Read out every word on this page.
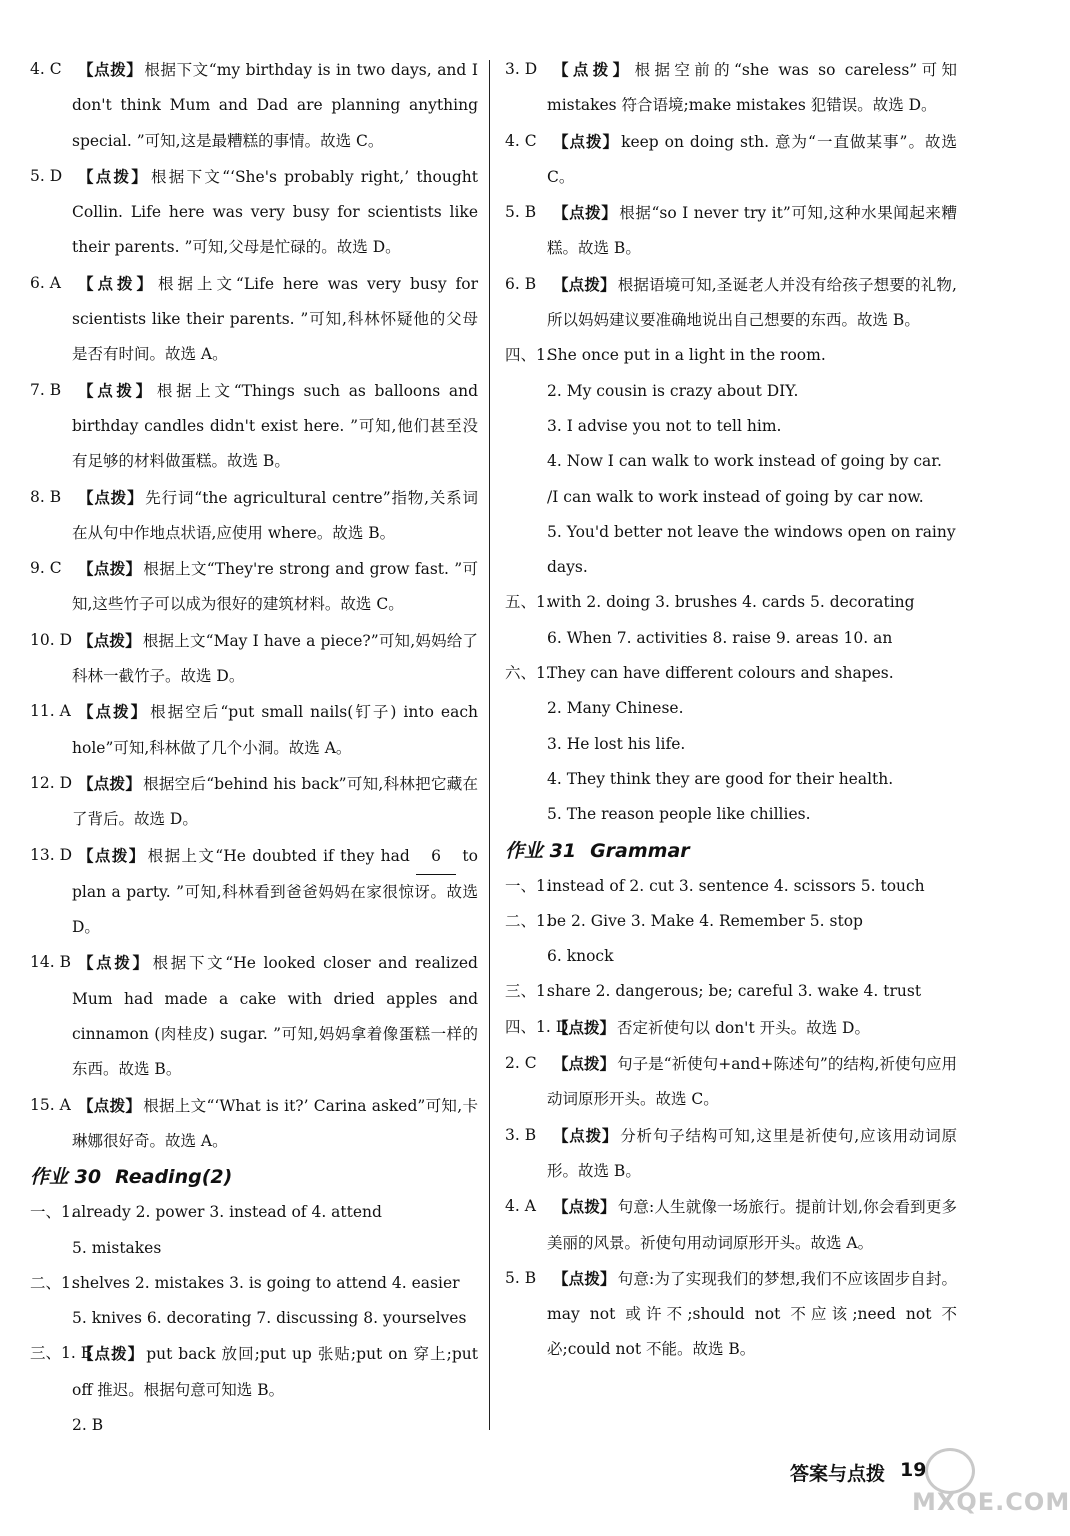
4. C 【点拨】 根据下文“my birthday is in two days, and I don't think Mum and Dad are planning anything special. ”可知,这是最糟糕的事情。故选 C。
5. D 【点拨】 根据下文“‘She's probably right,’ thought Collin. Life here was very busy for scientists like their parents. ”可知,父母是忙碌的。故选 D。
6. A 【点拨】 根据上文“Life here was very busy for scientists like their parents. ”可知,科林怀疑他的父母是否有时间。故选 A。
7. B 【点拨】 根据上文“Things such as balloons and birthday candles didn't exist here. ”可知,他们甚至没有足够的材料做蛋糕。故选 B。
8. B 【点拨】 先行词“the agricultural centre”指物,关系词在从句中作地点状语,应使用 where。故选 B。
9. C 【点拨】 根据上文“They're strong and grow fast. ”可知,这些竹子可以成为很好的建筑材料。故选 C。
10. D 【点拨】 根据上文“May I have a piece?”可知,妈妈给了科林一截竹子。故选 D。
11. A 【点拨】 根据空后“put small nails(钉子) into each hole”可知,科林做了几个小洞。故选 A。
12. D 【点拨】 根据空后“behind his back”可知,科林把它藏在了背后。故选 D。
13. D 【点拨】 根据上文“He doubted if they had 6 to plan a party. ”可知,科林看到爸爸妈妈在家很惊讶。故选 D。
14. B 【点拨】 根据下文“He looked closer and realized Mum had made a cake with dried apples and cinnamon (肉桂皮) sugar. ”可知,妈妈拿着像蛋糕一样的东西。故选 B。
15. A 【点拨】 根据上文“‘What is it?’ Carina asked”可知,卡琳娜很好奇。故选 A。
作业 30 Reading(2)
一、1.
already 2. power 3. instead of 4. attend
5. mistakes
二、1.
shelves 2. mistakes 3. is going to attend 4. easier
5. knives 6. decorating 7. discussing 8. yourselves
三、1. B
【点拨】 put back 放回;put up 张贴;put on 穿上;put off 推迟。根据句意可知选 B。
2. B
3. D 【点拨】 根据空前的“she was so careless”可知 mistakes 符合语境;make mistakes 犯错误。故选 D。
4. C 【点拨】 keep on doing sth. 意为“一直做某事”。故选 C。
5. B 【点拨】 根据“so I never try it”可知,这种水果闻起来糟糕。故选 B。
6. B 【点拨】 根据语境可知,圣诞老人并没有给孩子想要的礼物,所以妈妈建议要准确地说出自己想要的东西。故选 B。
四、1.
She once put in a light in the room.
2. My cousin is crazy about DIY.
3. I advise you not to tell him.
4. Now I can walk to work instead of going by car. /I can walk to work instead of going by car now.
5. You'd better not leave the windows open on rainy days.
五、1.
with 2. doing 3. brushes 4. cards 5. decorating
6. When 7. activities 8. raise 9. areas 10. an
六、1.
They can have different colours and shapes.
2. Many Chinese.
3. He lost his life.
4. They think they are good for their health.
5. The reason people like chillies.
作业 31 Grammar
一、1.
instead of 2. cut 3. sentence 4. scissors 5. touch
二、1.
be 2. Give 3. Make 4. Remember 5. stop
6. knock
三、1.
share 2. dangerous; be; careful 3. wake 4. trust
四、1. D
【点拨】 否定祈使句以 don't 开头。故选 D。
2. C 【点拨】 句子是“祈使句+and+陈述句”的结构,祈使句应用动词原形开头。故选 C。
3. B 【点拨】 分析句子结构可知,这里是祈使句,应该用动词原形。故选 B。
4. A 【点拨】 句意:人生就像一场旅行。提前计划,你会看到更多美丽的风景。祈使句用动词原形开头。故选 A。
5. B 【点拨】 句意:为了实现我们的梦想,我们不应该固步自封。may not 或许不;should not 不应该;need not 不必;could not 不能。故选 B。
答案与点拨 19
MXQE.COM
